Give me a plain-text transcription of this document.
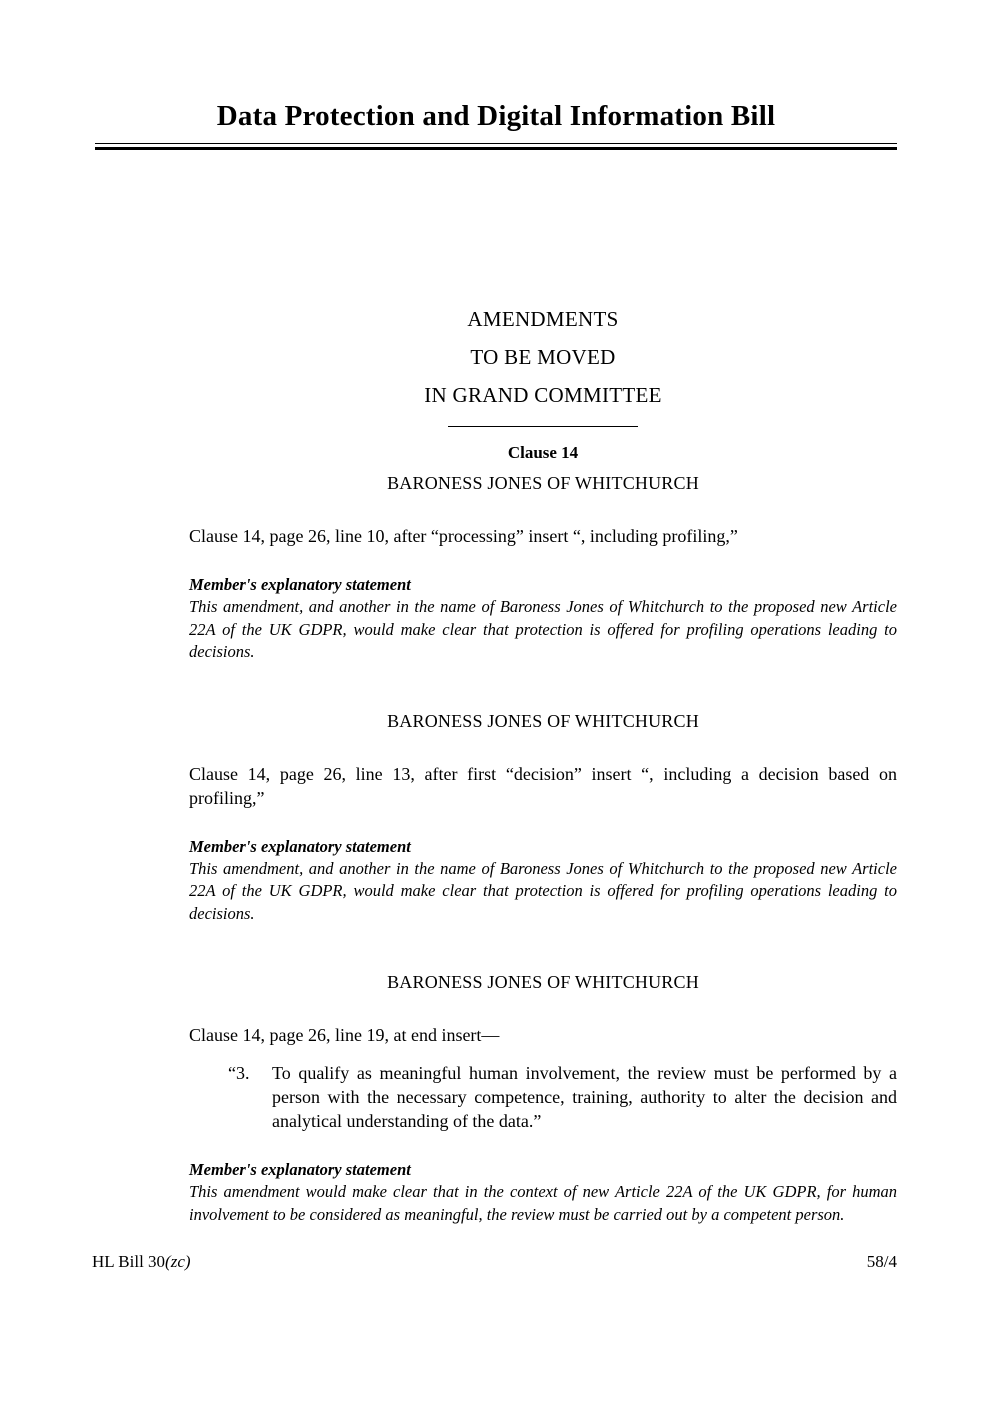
Data Protection and Digital Information Bill
AMENDMENTS
TO BE MOVED
IN GRAND COMMITTEE
Clause 14
BARONESS JONES OF WHITCHURCH
Clause 14, page 26, line 10, after “processing” insert “, including profiling,”
Member's explanatory statement
This amendment, and another in the name of Baroness Jones of Whitchurch to the proposed new Article 22A of the UK GDPR, would make clear that protection is offered for profiling operations leading to decisions.
BARONESS JONES OF WHITCHURCH
Clause 14, page 26, line 13, after first “decision” insert “, including a decision based on profiling,”
Member's explanatory statement
This amendment, and another in the name of Baroness Jones of Whitchurch to the proposed new Article 22A of the UK GDPR, would make clear that protection is offered for profiling operations leading to decisions.
BARONESS JONES OF WHITCHURCH
Clause 14, page 26, line 19, at end insert—
“3.	To qualify as meaningful human involvement, the review must be performed by a person with the necessary competence, training, authority to alter the decision and analytical understanding of the data.”
Member's explanatory statement
This amendment would make clear that in the context of new Article 22A of the UK GDPR, for human involvement to be considered as meaningful, the review must be carried out by a competent person.
HL Bill 30(zc)	58/4
